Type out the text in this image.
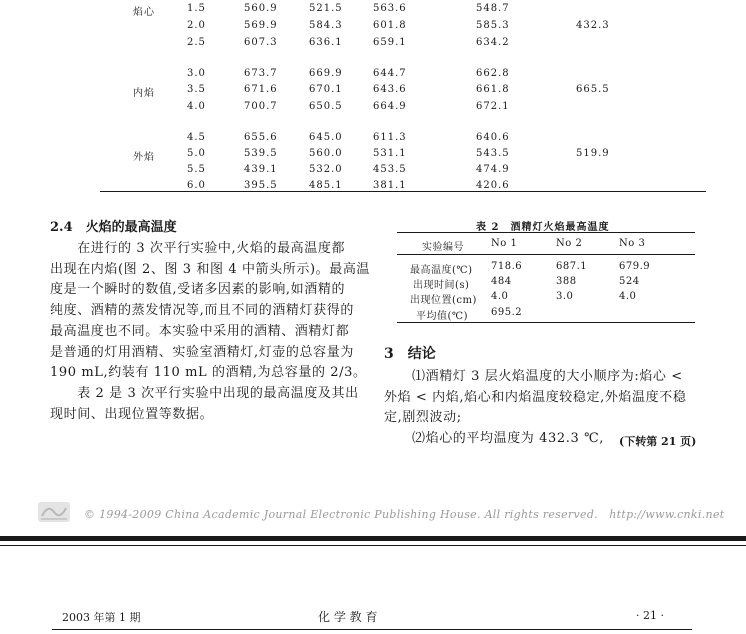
焰心	1.5	560.9	521.5	563.6	548.7
2.0	569.9	584.3	601.8	585.3	432.3
2.5	607.3	636.1	659.1	634.2
3.0	673.7	669.9	644.7	662.8
内焰	3.5	671.6	670.1	643.6	661.8	665.5
4.0	700.7	650.5	664.9	672.1
4.5	655.6	645.0	611.3	640.6
外焰	5.0	539.5	560.0	531.1	543.5	519.9
5.5	439.1	532.0	453.5	474.9
6.0	395.5	485.1	381.1	420.6
2.4　火焰的最高温度

　　在进行的 3 次平行实验中,火焰的最高温度都

出现在内焰(图 2、图 3 和图 4 中箭头所示)。最高温

度是一个瞬时的数值,受诸多因素的影响,如酒精的

纯度、酒精的蒸发情况等,而且不同的酒精灯获得的

最高温度也不同。本实验中采用的酒精、酒精灯都

是普通的灯用酒精、实验室酒精灯,灯壶的总容量为

190 mL,约装有 110 mL 的酒精,为总容量的 2/3。

　　表 2 是 3 次平行实验中出现的最高温度及其出

现时间、出现位置等数据。

表 2　酒精灯火焰最高温度
实验编号	No 1	No 2	No 3
最高温度(℃) 718.6	687.1	679.9
出现时间(s) 484	388	524
出现位置(cm) 4.0	3.0	4.0
平均值(℃) 695.2
3　结论

⑴酒精灯 3 层火焰温度的大小顺序为:焰心 <

外焰 < 内焰,焰心和内焰温度较稳定,外焰温度不稳

定,剧烈波动;

⑵焰心的平均温度为 432.3 ℃,	(下转第 21 页)
© 1994-2009 China Academic Journal Electronic Publishing House. All rights reserved.　http://www.cnki.net
2003 年第 1 期	化 学 教 育	· 21 ·
